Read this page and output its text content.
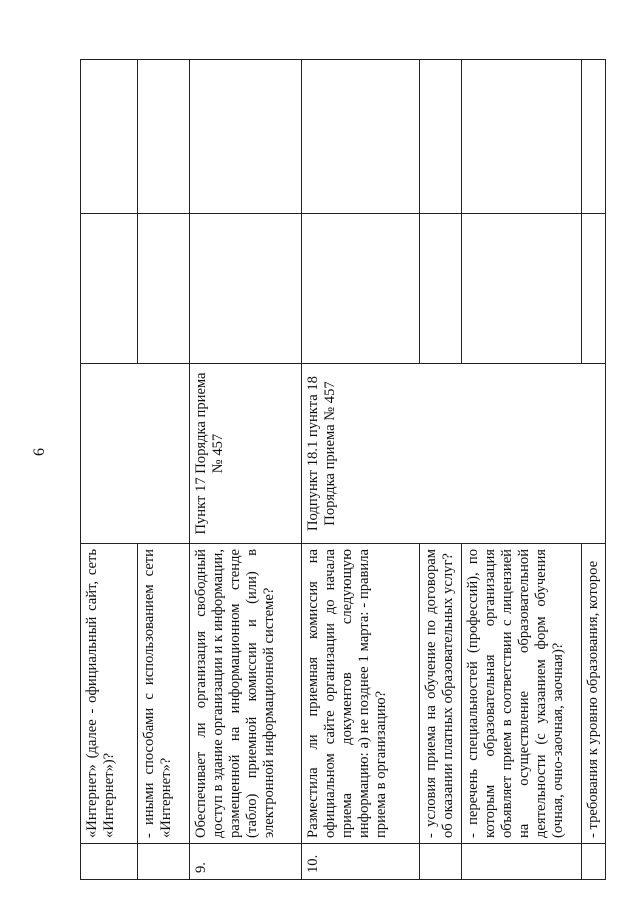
6
	«Интернет» (далее - официальный сайт, сеть «Интернет»)?			
	- иными способами с использованием сети «Интернет»?			
9.	Обеспечивает ли организация свободный доступ в здание организации и к информации, размещенной на информационном стенде (табло) приемной комиссии и (или) в электронной информационной системе?	Пункт 17 Порядка приема № 457		
10.	Разместила ли приемная комиссия на официальном сайте организации до начала приема документов следующую информацию: а) не позднее 1 марта: - правила приема в организацию?	Подпункт 18.1 пункта 18 Порядка приема № 457		
	- условия приема на обучение по договорам об оказании платных образовательных услуг?			
	- перечень специальностей (профессий), по которым образовательная организация объявляет прием в соответствии с лицензией на осуществление образовательной деятельности (с указанием форм обучения (очная, очно-заочная, заочная)?			
	- требования к уровню образования, которое			
